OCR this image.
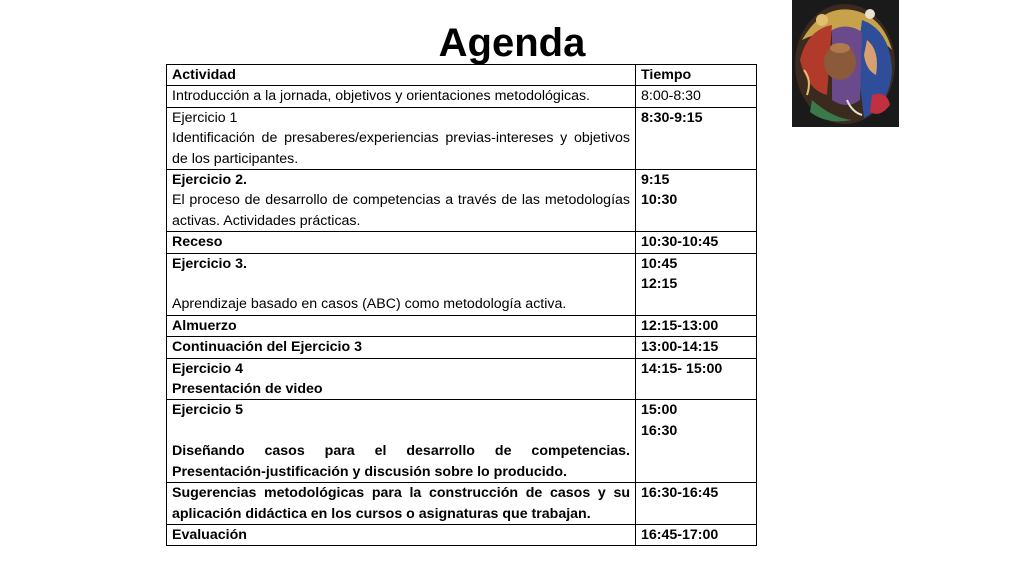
Agenda
Actividad	Tiempo

Introducción a la jornada, objetivos y orientaciones metodológicas.	8:00-8:30

Ejercicio 1
Identificación de presaberes/experiencias previas-intereses y objetivos de los participantes.	8:30-9:15

Ejercicio 2.
El proceso de desarrollo de competencias a través de las metodologías activas. Actividades prácticas.	9:15
10:30

Receso	10:30-10:45

Ejercicio 3.
Aprendizaje basado en casos (ABC) como metodología activa.	10:45
12:15

Almuerzo	12:15-13:00
Continuación del Ejercicio 3	13:00-14:15

Ejercicio 4
Presentación de video	14:15- 15:00

Ejercicio 5
Diseñando casos para el desarrollo de competencias. Presentación-justificación y discusión sobre lo producido.	15:00
16:30

Sugerencias metodológicas para la construcción de casos y su aplicación didáctica en los cursos o asignaturas que trabajan.	16:30-16:45
Evaluación	16:45-17:00
